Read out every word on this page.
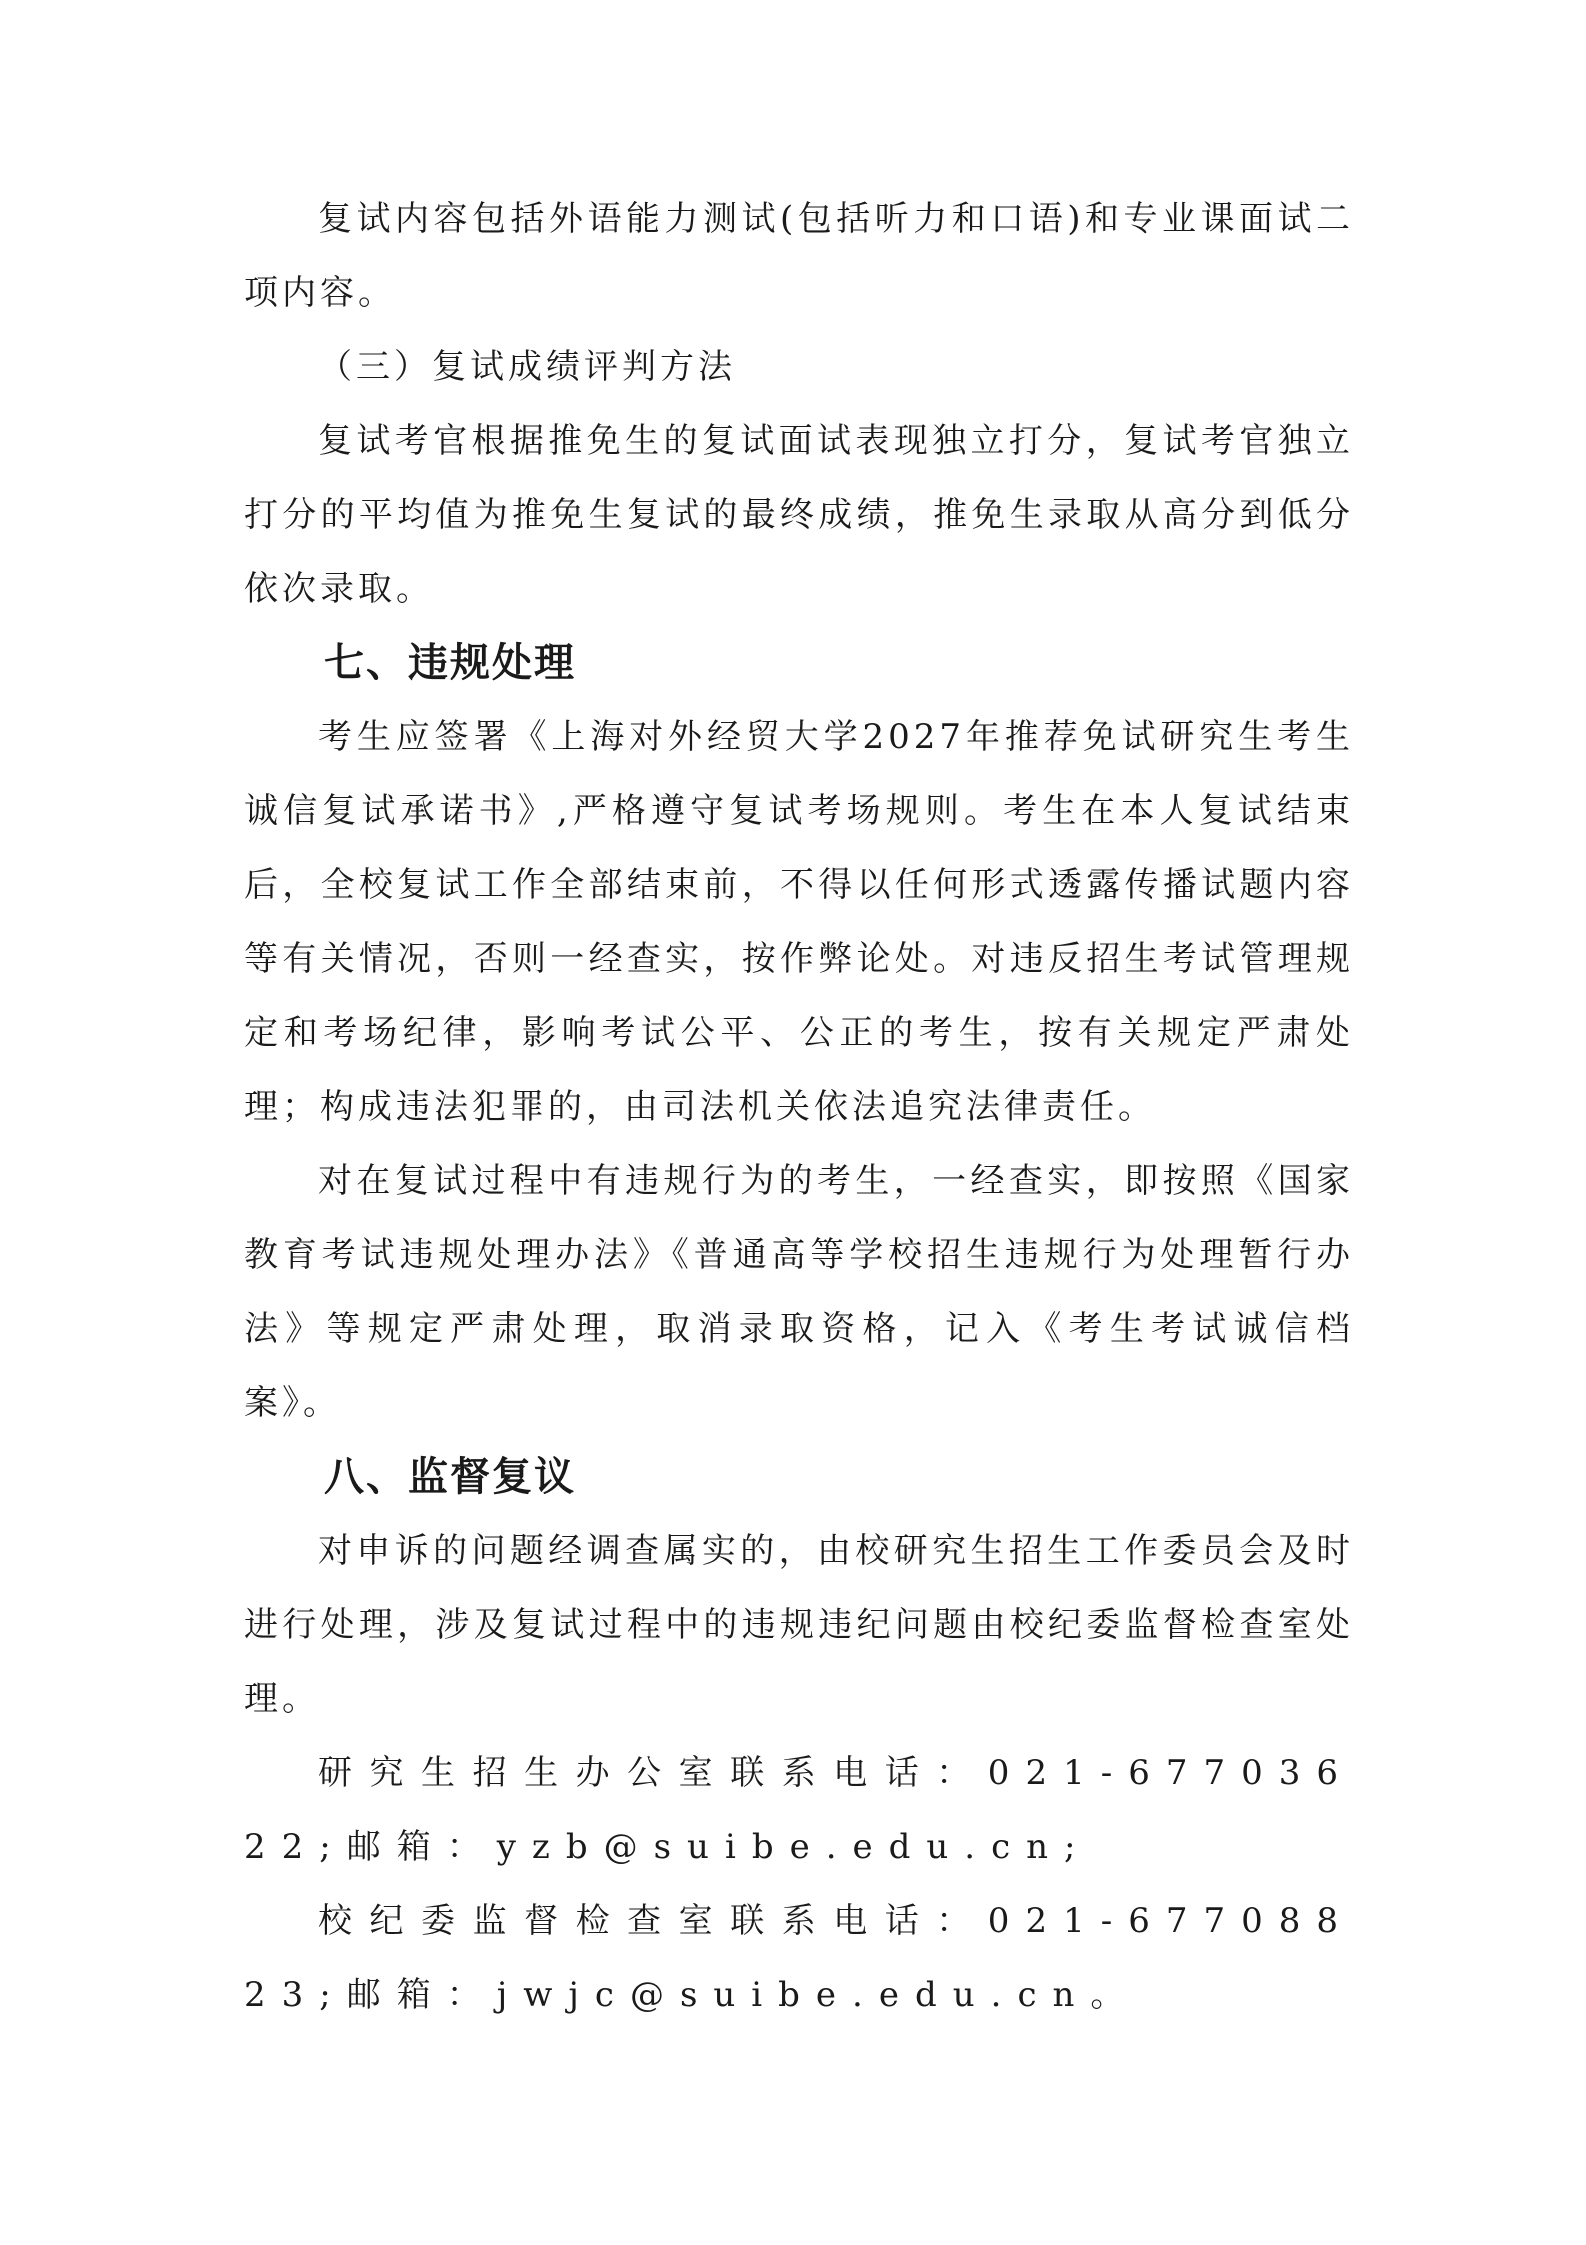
复试内容包括外语能力测试(包括听力和口语)和专业课面试二项内容。

（三）复试成绩评判方法

复试考官根据推免生的复试面试表现独立打分，复试考官独立打分的平均值为推免生复试的最终成绩，推免生录取从高分到低分依次录取。

七、违规处理

考生应签署《上海对外经贸大学2027年推荐免试研究生考生诚信复试承诺书》,严格遵守复试考场规则。考生在本人复试结束后，全校复试工作全部结束前，不得以任何形式透露传播试题内容等有关情况，否则一经查实，按作弊论处。对违反招生考试管理规定和考场纪律，影响考试公平、公正的考生，按有关规定严肃处理；构成违法犯罪的，由司法机关依法追究法律责任。

对在复试过程中有违规行为的考生，一经查实，即按照《国家教育考试违规处理办法》《普通高等学校招生违规行为处理暂行办法》等规定严肃处理，取消录取资格，记入《考生考试诚信档案》。

八、监督复议

对申诉的问题经调查属实的，由校研究生招生工作委员会及时进行处理，涉及复试过程中的违规违纪问题由校纪委监督检查室处理。

研究生招生办公室联系电话：021-67703622;邮箱：yzb@suibe.edu.cn;

校纪委监督检查室联系电话：021-67708823;邮箱：jwjc@suibe.edu.cn。
